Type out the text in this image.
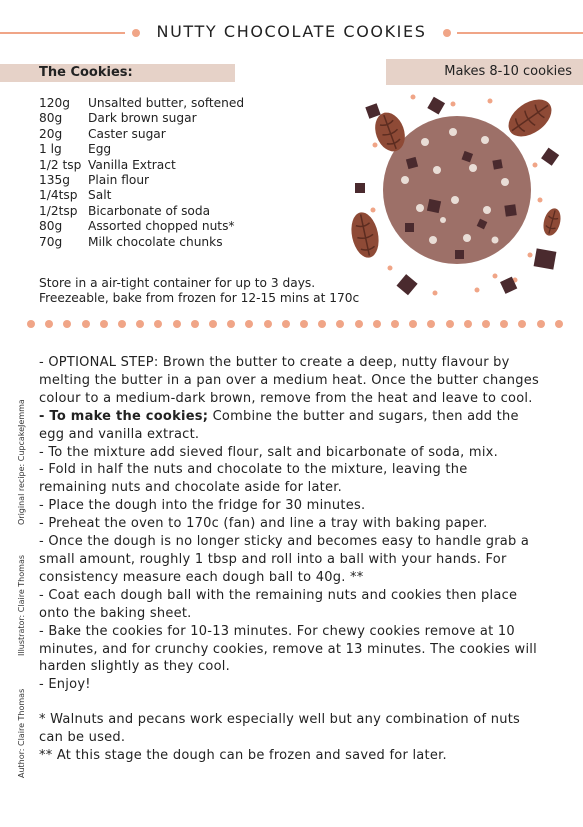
NUTTY CHOCOLATE COOKIES
The Cookies:	Makes 8-10 cookies
120g	Unsalted butter, softened
80g	Dark brown sugar
20g	Caster sugar
1 lg	Egg
1/2 tsp Vanilla Extract
135g	Plain flour
1/4tsp Salt
1/2tsp Bicarbonate of soda
80g	Assorted chopped nuts*
70g	Milk chocolate chunks
Store in a air-tight container for up to 3 days.
Freezeable, bake from frozen for 12-15 mins at 170c

- OPTIONAL STEP: Brown the butter to create a deep, nutty flavour by melting the butter in a pan over a medium heat. Once the butter changes colour to a medium-dark brown, remove from the heat and leave to cool.

- To make the cookies; Combine the butter and sugars, then add the egg and vanilla extract.

- To the mixture add sieved flour, salt and bicarbonate of soda, mix.

- Fold in half the nuts and chocolate to the mixture, leaving the remaining nuts and chocolate aside for later.

- Place the dough into the fridge for 30 minutes.

- Preheat the oven to 170c (fan) and line a tray with baking paper.

- Once the dough is no longer sticky and becomes easy to handle grab a small amount, roughly 1 tbsp and roll into a ball with your hands. For consistency measure each dough ball to 40g. **

- Coat each dough ball with the remaining nuts and cookies then place onto the baking sheet.

- Bake the cookies for 10-13 minutes. For chewy cookies remove at 10 minutes, and for crunchy cookies, remove at 13 minutes. The cookies will harden slightly as they cool.

- Enjoy!

* Walnuts and pecans work especially well but any combination of nuts can be used.

** At this stage the dough can be frozen and saved for later.

Original recipe: CupcakeJemma
Illustrator: Claire Thomas
Author: Claire Thomas
